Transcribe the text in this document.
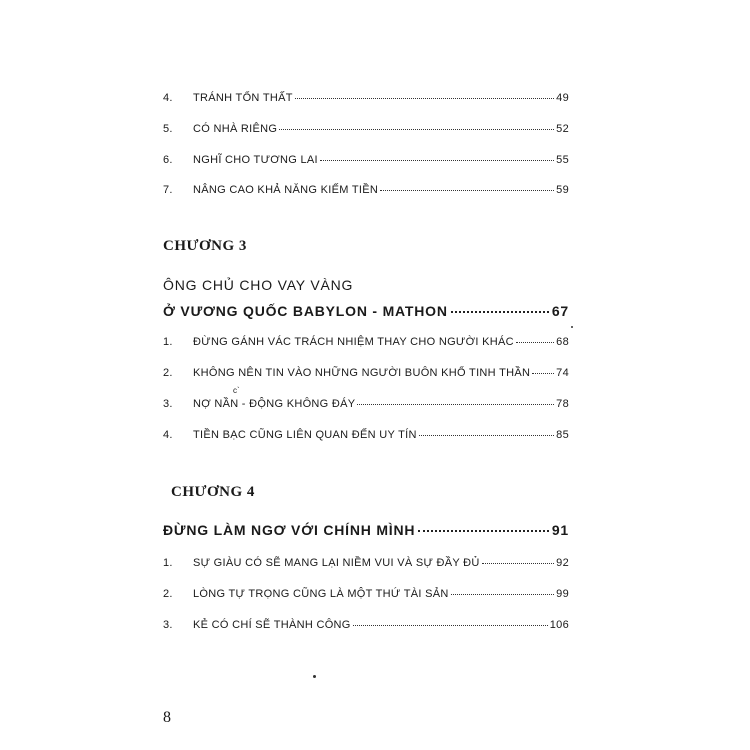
4.	TRÁNH TỔN THẤT	49
5.	CÓ NHÀ RIÊNG	52
6.	NGHĨ CHO TƯƠNG LAI	55
7.	NÂNG CAO KHẢ NĂNG KIẾM TIỀN	59
CHƯƠNG 3
ÔNG CHỦ CHO VAY VÀNG
Ở VƯƠNG QUỐC BABYLON - MATHON	67
1.	ĐỪNG GÁNH VÁC TRÁCH NHIỆM THAY CHO NGƯỜI KHÁC	68
2.	KHÔNG NÊN TIN VÀO NHỮNG NGƯỜI BUÔN KHỔ TINH THẦN 74
c`
3.	NỢ NẦN - ĐỘNG KHÔNG ĐÁY	78
4.	TIỀN BẠC CŨNG LIÊN QUAN ĐẾN UY TÍN	85
CHƯƠNG 4
ĐỪNG LÀM NGƠ VỚI CHÍNH MÌNH	91
1.	SỰ GIÀU CÓ SẼ MANG LẠI NIỀM VUI VÀ SỰ ĐẦY ĐỦ	92
2.	LÒNG TỰ TRỌNG CŨNG LÀ MỘT THỨ TÀI SẢN	99
3.	KẺ CÓ CHÍ SẼ THÀNH CÔNG	106
8
